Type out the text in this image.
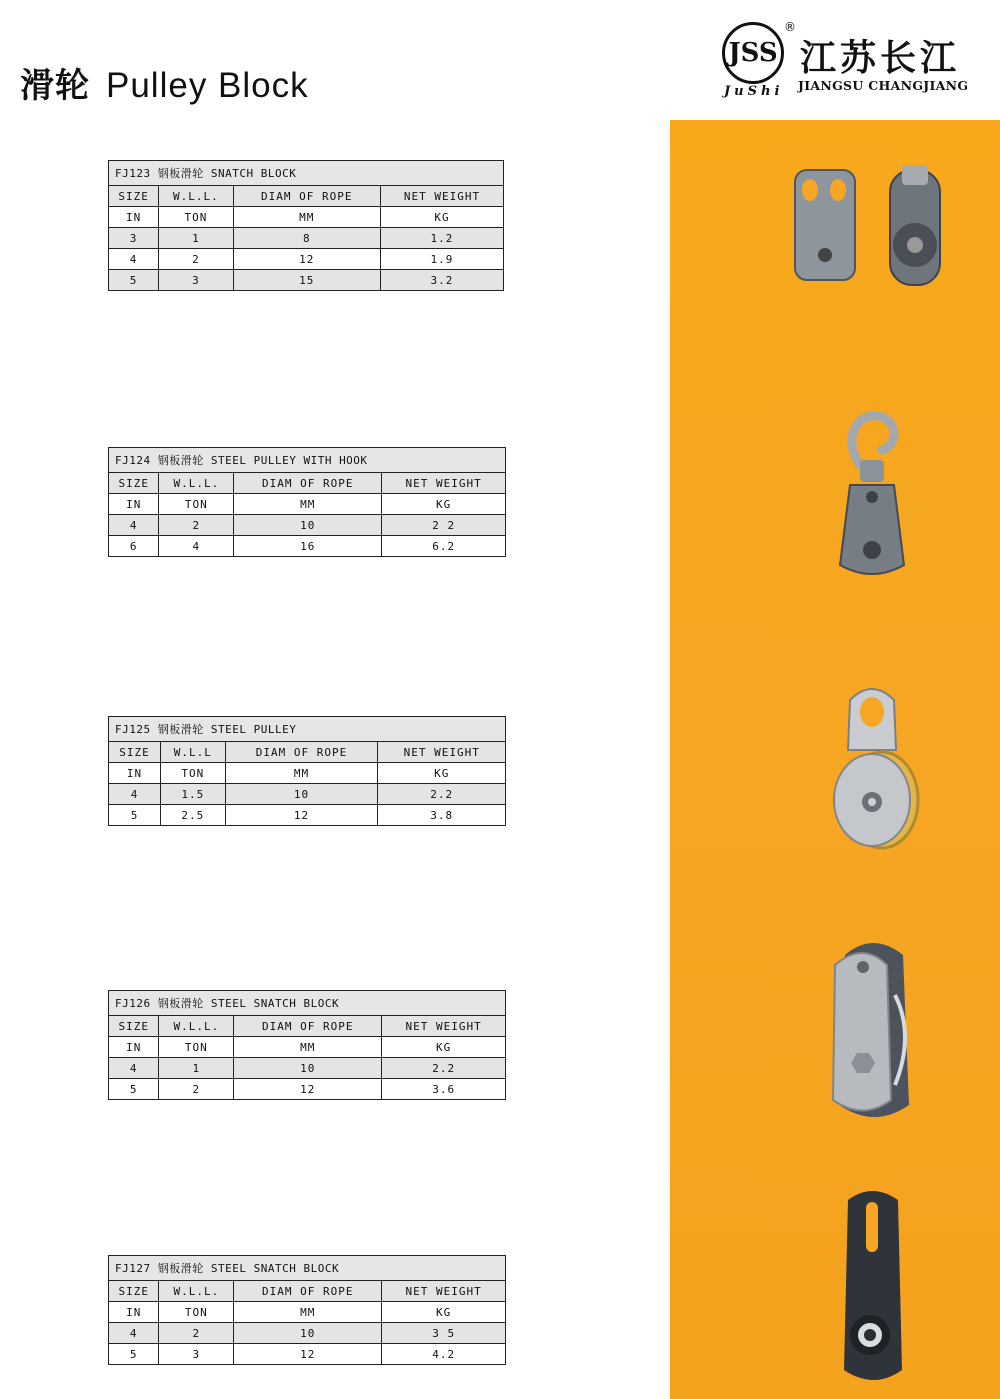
滑轮 Pulley Block
JSS
®
JuShi
江苏长江
JIANGSU CHANGJIANG
FJ123 钢板滑轮 SNATCH BLOCK			
SIZE	W.L.L.	DIAM OF ROPE	NET WEIGHT
IN	TON	MM	KG
3	1	8	1.2
4	2	12	1.9
5	3	15	3.2
FJ124 钢板滑轮 STEEL PULLEY WITH HOOK			
SIZE	W.L.L.	DIAM OF ROPE	NET WEIGHT
IN	TON	MM	KG
4	2	10	2 2
6	4	16	6.2
FJ125 钢板滑轮 STEEL PULLEY			
SIZE	W.L.L	DIAM OF ROPE	NET WEIGHT
IN	TON	MM	KG
4	1.5	10	2.2
5	2.5	12	3.8
FJ126 钢板滑轮 STEEL SNATCH BLOCK			
SIZE	W.L.L.	DIAM OF ROPE	NET WEIGHT
IN	TON	MM	KG
4	1	10	2.2
5	2	12	3.6
FJ127 钢板滑轮 STEEL SNATCH BLOCK			
SIZE	W.L.L.	DIAM OF ROPE	NET WEIGHT
IN	TON	MM	KG
4	2	10	3 5
5	3	12	4.2
